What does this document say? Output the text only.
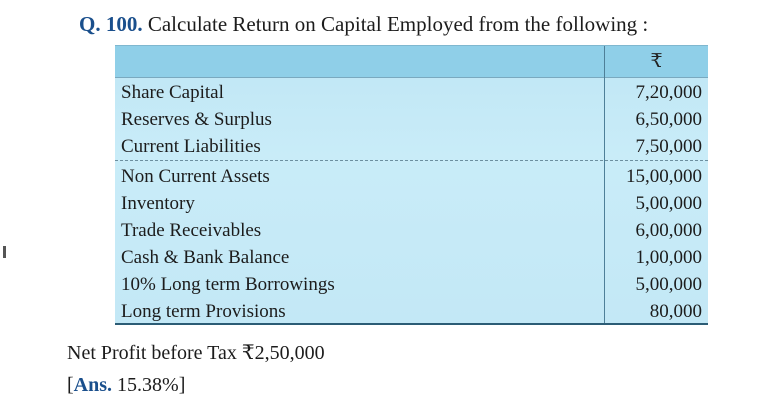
Q. 100. Calculate Return on Capital Employed from the following :
₹
Share Capital	7,20,000
Reserves & Surplus	6,50,000
Current Liabilities	7,50,000
Non Current Assets	15,00,000
Inventory	5,00,000
Trade Receivables	6,00,000
Cash & Bank Balance	1,00,000
10% Long term Borrowings	5,00,000
Long term Provisions	80,000
Net Profit before Tax ₹2,50,000
[Ans. 15.38%]
